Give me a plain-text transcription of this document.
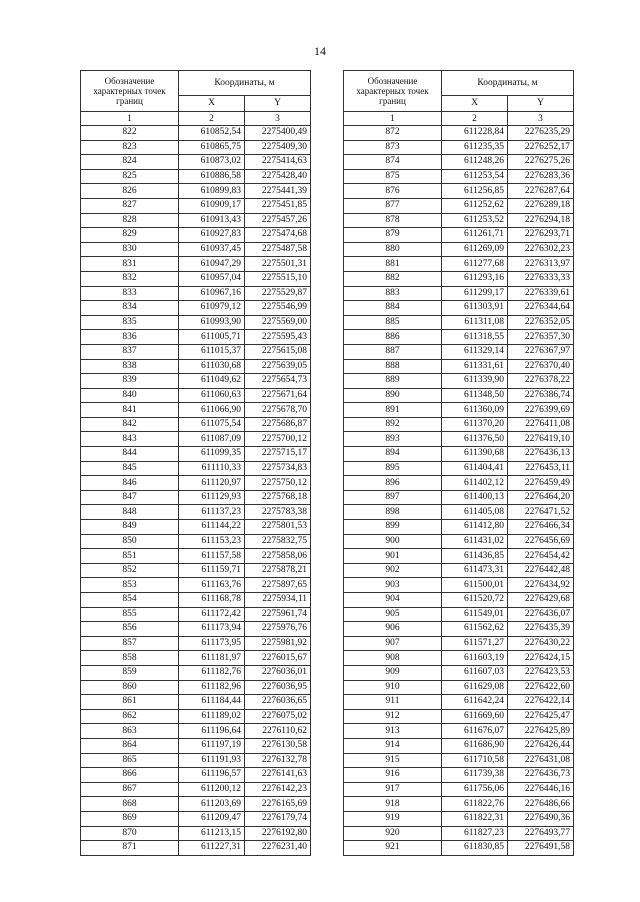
14
Обозначение характерных точек границ	Координаты, м	
	X	Y
1	2	3
822	610852,54	2275400,49
823	610865,75	2275409,30
824	610873,02	2275414,63
825	610886,58	2275428,40
826	610899,83	2275441,39
827	610909,17	2275451,85
828	610913,43	2275457,26
829	610927,83	2275474,68
830	610937,45	2275487,58
831	610947,29	2275501,31
832	610957,04	2275515,10
833	610967,16	2275529,87
834	610979,12	2275546,99
835	610993,90	2275569,00
836	611005,71	2275595,43
837	611015,37	2275615,08
838	611030,68	2275639,05
839	611049,62	2275654,73
840	611060,63	2275671,64
841	611066,90	2275678,70
842	611075,54	2275686,87
843	611087,09	2275700,12
844	611099,35	2275715,17
845	611110,33	2275734,83
846	611120,97	2275750,12
847	611129,93	2275768,18
848	611137,23	2275783,38
849	611144,22	2275801,53
850	611153,23	2275832,75
851	611157,58	2275858,06
852	611159,71	2275878,21
853	611163,76	2275897,65
854	611168,78	2275934,11
855	611172,42	2275961,74
856	611173,94	2275976,76
857	611173,95	2275981,92
858	611181,97	2276015,67
859	611182,76	2276036,01
860	611182,96	2276036,95
861	611184,44	2276036,65
862	611189,02	2276075,02
863	611196,64	2276110,62
864	611197,19	2276130,58
865	611191,93	2276132,78
866	611196,57	2276141,63
867	611200,12	2276142,23
868	611203,69	2276165,69
869	611209,47	2276179,74
870	611213,15	2276192,80
871	611227,31	2276231,40
Обозначение характерных точек границ	Координаты, м	
	X	Y
1	2	3
872	611228,84	2276235,29
873	611235,35	2276252,17
874	611248,26	2276275,26
875	611253,54	2276283,36
876	611256,85	2276287,64
877	611252,62	2276289,18
878	611253,52	2276294,18
879	611261,71	2276293,71
880	611269,09	2276302,23
881	611277,68	2276313,97
882	611293,16	2276333,33
883	611299,17	2276339,61
884	611303,91	2276344,64
885	611311,08	2276352,05
886	611318,55	2276357,30
887	611329,14	2276367,97
888	611331,61	2276370,40
889	611339,90	2276378,22
890	611348,50	2276386,74
891	611360,09	2276399,69
892	611370,20	2276411,08
893	611376,50	2276419,10
894	611390,68	2276436,13
895	611404,41	2276453,11
896	611402,12	2276459,49
897	611400,13	2276464,20
898	611405,08	2276471,52
899	611412,80	2276466,34
900	611431,02	2276456,69
901	611436,85	2276454,42
902	611473,31	2276442,48
903	611500,01	2276434,92
904	611520,72	2276429,68
905	611549,01	2276436,07
906	611562,62	2276435,39
907	611571,27	2276430,22
908	611603,19	2276424,15
909	611607,03	2276423,53
910	611629,08	2276422,60
911	611642,24	2276422,14
912	611669,60	2276425,47
913	611676,07	2276425,89
914	611686,90	2276426,44
915	611710,58	2276431,08
916	611739,38	2276436,73
917	611756,06	2276446,16
918	611822,76	2276486,66
919	611822,31	2276490,36
920	611827,23	2276493,77
921	611830,85	2276491,58
